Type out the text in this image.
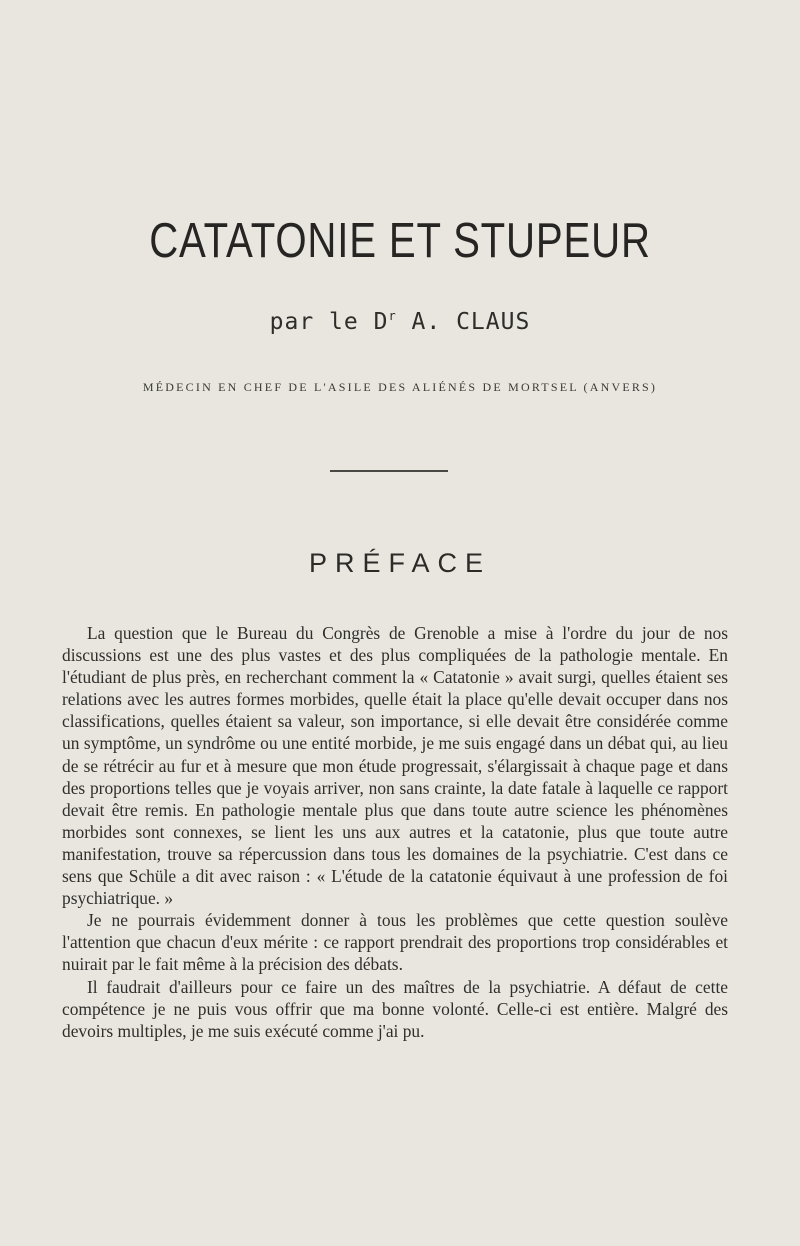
CATATONIE ET STUPEUR
par le $D^r$ A. CLAUS
MÉDECIN EN CHEF DE L'ASILE DES ALIÉNÉS DE MORTSEL (ANVERS)
PRÉFACE

La question que le Bureau du Congrès de Grenoble a mise à l'ordre du jour de nos discussions est une des plus vastes et des plus compliquées de la pathologie mentale. En l'étudiant de plus près, en recherchant comment la « Catatonie » avait surgi, quelles étaient ses relations avec les autres formes morbides, quelle était la place qu'elle devait occuper dans nos classifications, quelles étaient sa valeur, son importance, si elle devait être considérée comme un symptôme, un syndrôme ou une entité morbide, je me suis engagé dans un débat qui, au lieu de se rétrécir au fur et à mesure que mon étude progressait, s'élargissait à chaque page et dans des proportions telles que je voyais arriver, non sans crainte, la date fatale à laquelle ce rapport devait être remis. En pathologie mentale plus que dans toute autre science les phénomènes morbides sont connexes, se lient les uns aux autres et la catatonie, plus que toute autre manifestation, trouve sa répercussion dans tous les domaines de la psychiatrie. C'est dans ce sens que Schüle a dit avec raison : « L'étude de la catatonie équivaut à une profession de foi psychiatrique. »

Je ne pourrais évidemment donner à tous les problèmes que cette question soulève l'attention que chacun d'eux mérite : ce rapport prendrait des proportions trop considérables et nuirait par le fait même à la précision des débats.

Il faudrait d'ailleurs pour ce faire un des maîtres de la psychiatrie. A défaut de cette compétence je ne puis vous offrir que ma bonne volonté. Celle-ci est entière. Malgré des devoirs multiples, je me suis exécuté comme j'ai pu.
